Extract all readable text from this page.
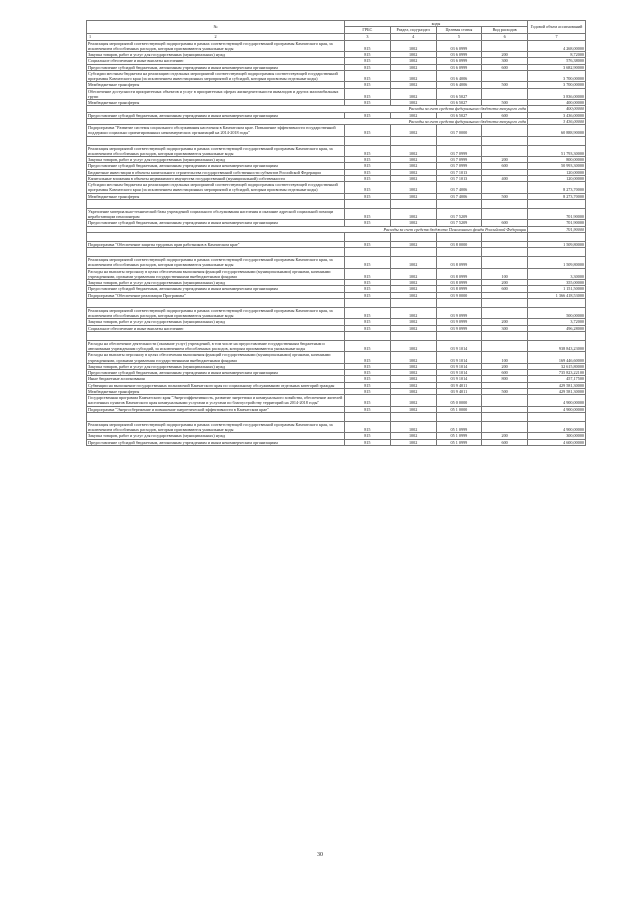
№	коды				Годовой объем ассигнований
	ГРБС	Раздел, под-раздел	Целевая статья	Вид расходов	

1 2	3	4	5	6	7
Реализация мероприятий соответствующей подпрограммы в рамках соответствующей государственной программы Камчатского края, за исключением обособленных расходов, которым присваиваются уникальные коды	815	1002	03 6 0999		4 268,00000
Закупка товаров, работ и услуг для государственных (муниципальных) нужд	815	1002	03 6 0999	200	8,72000
Социальное обеспечение и иные выплаты населению	815	1002	03 6 0999	300	576,38000
Предоставление субсидий бюджетным, автономным учреждениям и иным некоммерческим организациям	815	1002	03 6 0999	600	3 682,90000
Субсидии местным бюджетам на реализацию отдельных мероприятий соответствующей подпрограммы соответствующей государственной программы Камчатского края (за исключением инвестиционных мероприятий и субсидий, которым присвоены отдельные коды)	815	1002	03 6 4006		3 700,00000
Межбюджетные трансферты	815	1002	03 6 4006	500	3 700,00000
Обеспечение доступности приоритетных объектов и услуг в приоритетных сферах жизнедеятельности инвалидов и других маломобильных групп	815	1002	03 6 5027		3 836,00000
Межбюджетные трансферты	815	1002	03 6 5027	500	400,00000
Расходы за счет средств федерального бюджета текущего года					400,00000
Предоставление субсидий бюджетным, автономным учреждениям и иным некоммерческим организациям	815	1002	03 6 5027	600	3 436,00000
Расходы за счет средств федерального бюджета текущего года					3 436,00000
Подпрограмма "Развитие системы социального обслуживания населения в Камчатском крае. Повышение эффективности государственной поддержки социально ориентированных некоммерческих организаций на 2014-2018 годы"	815	1002	03 7 0000		60 888,90000

Реализация мероприятий соответствующей подпрограммы в рамках соответствующей государственной программы Камчатского края, за исключением обособленных расходов, которым присваиваются уникальные коды	815	1002	03 7 0999		51 793,30000
Закупка товаров, работ и услуг для государственных (муниципальных) нужд	815	1002	03 7 0999	200	800,00000
Предоставление субсидий бюджетным, автономным учреждениям и иным некоммерческим организациям	815	1002	03 7 0999	600	50 993,30000
Бюджетные инвестиции в объекты капитального строительства государственной собственности субъектов Российской Федерации	815	1002	03 7 1013		120,00000
Капитальные вложения в объекты недвижимого имущества государственной (муниципальной) собственности	815	1002	03 7 1013	400	120,00000
Субсидии местным бюджетам на реализацию отдельных мероприятий соответствующей подпрограммы соответствующей государственной программы Камчатского края (за исключением инвестиционных мероприятий и субсидий, которым присвоены отдельные коды)	815	1002	03 7 4006		8 273,70000
Межбюджетные трансферты	815	1002	03 7 4006	500	8 273,70000

Укрепление материально-технической базы учреждений социального обслуживания населения и оказание адресной социальной помощи неработающим пенсионерам	815	1002	03 7 5209		701,90000
Предоставление субсидий бюджетным, автономным учреждениям и иным некоммерческим организациям	815	1002	03 7 5209	600	701,90000
Расходы за счет средств бюджета Пенсионного фонда Российской Федерации					701,90000

Подпрограмма "Обеспечение защиты трудовых прав работников в Камчатском крае"	815	1002	03 8 0000		1 509,80000

Реализация мероприятий соответствующей подпрограммы в рамках соответствующей государственной программы Камчатского края, за исключением обособленных расходов, которым присваиваются уникальные коды	815	1002	03 8 0999		1 509,80000
Расходы на выплаты персоналу в целях обеспечения выполнения функций государственными (муниципальными) органами, казенными учреждениями, органами управления государственными внебюджетными фондами	815	1002	03 8 0999	100	3,30000
Закупка товаров, работ и услуг для государственных (муниципальных) нужд	815	1002	03 8 0999	200	355,00000
Предоставление субсидий бюджетным, автономным учреждениям и иным некоммерческим организациям	815	1002	03 8 0999	600	1 151,50000
Подпрограмма "Обеспечение реализации Программы"	815	1002	03 9 0000		1 366 418,53000

Реализация мероприятий соответствующей подпрограммы в рамках соответствующей государственной программы Камчатского края, за исключением обособленных расходов, которым присваиваются уникальные коды	815	1002	03 9 0999		500,00000
Закупка товаров, работ и услуг для государственных (муниципальных) нужд	815	1002	03 9 0999	200	3,72000
Социальное обеспечение и иные выплаты населению	815	1002	03 9 0999	300	496,28000

Расходы на обеспечение деятельности (оказание услуг) учреждений, в том числе на предоставление государственным бюджетным и автономным учреждениям субсидий, за исключением обособленных расходов, которым присваиваются уникальные коды	815	1002	03 9 1014		938 843,23000
Расходы на выплаты персоналу в целях обеспечения выполнения функций государственными (муниципальными) органами, казенными учреждениями, органами управления государственными внебюджетными фондами	815	1002	03 9 1014	100	169 446,60000
Закупка товаров, работ и услуг для государственных (муниципальных) нужд	815	1002	03 9 1014	200	32 615,80000
Предоставление субсидий бюджетным, автономным учреждениям и иным некоммерческим организациям	815	1002	03 9 1014	600	735 823,22100
Иные бюджетные ассигнования	815	1002	03 9 1014	800	457,17500
Субвенции на выполнение государственных полномочий Камчатского края по социальному обслуживанию отдельных категорий граждан	815	1002	03 9 4011		429 581,30000
Межбюджетные трансферты	815	1002	03 9 4011	500	429 581,30000
Государственная программа Камчатского края "Энергоэффективность, развитие энергетики и коммунального хозяйства, обеспечение жителей населенных пунктов Камчатского края коммунальными услугами и услугами по благоустройству территорий на 2014-2018 годы"	815	1002	05 0 0000		4 900,00000
Подпрограмма "Энергосбережение и повышение энергетической эффективности в Камчатском крае"	815	1002	05 1 0000		4 900,00000

Реализация мероприятий соответствующей подпрограммы в рамках соответствующей государственной программы Камчатского края, за исключением обособленных расходов, которым присваиваются уникальные коды	815	1002	05 1 0999		4 900,00000
Закупка товаров, работ и услуг для государственных (муниципальных) нужд	815	1002	05 1 0999	200	300,00000
Предоставление субсидий бюджетным, автономным учреждениям и иным некоммерческим организациям	815	1002	05 1 0999	600	4 600,00000
30
